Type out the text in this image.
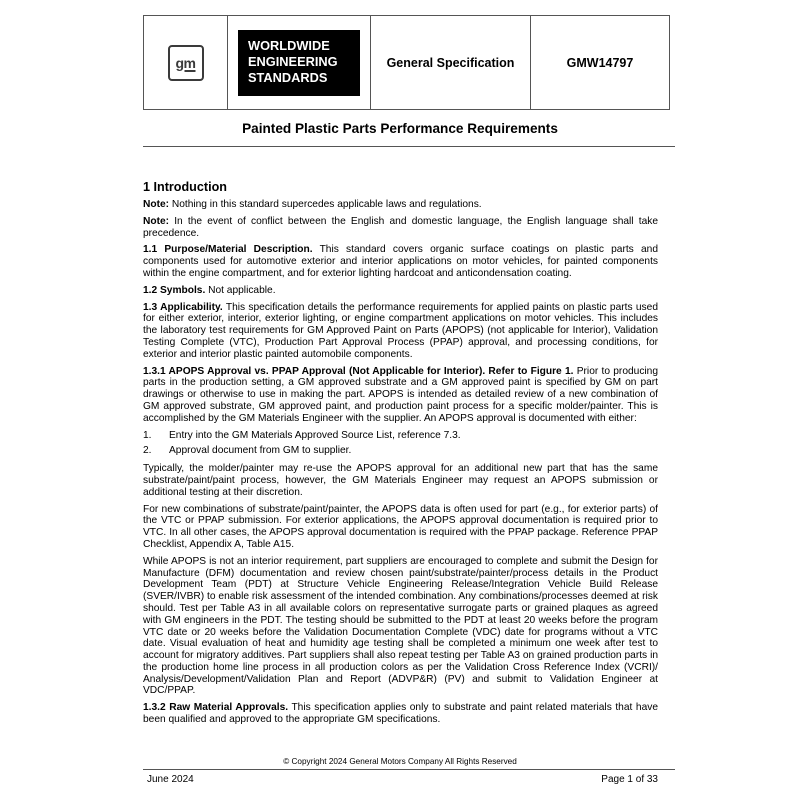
gm
WORLDWIDE
ENGINEERING
STANDARDS
General Specification	GMW14797
Painted Plastic Parts Performance Requirements
1 Introduction

Note: Nothing in this standard supercedes applicable laws and regulations.

Note: In the event of conflict between the English and domestic language, the English language shall take precedence.

1.1 Purpose/Material Description. This standard covers organic surface coatings on plastic parts and components used for automotive exterior and interior applications on motor vehicles, for painted components within the engine compartment, and for exterior lighting hardcoat and anticondensation coating.

1.2 Symbols. Not applicable.

1.3 Applicability. This specification details the performance requirements for applied paints on plastic parts used for either exterior, interior, exterior lighting, or engine compartment applications on motor vehicles. This includes the laboratory test requirements for GM Approved Paint on Parts (APOPS) (not applicable for Interior), Validation Testing Complete (VTC), Production Part Approval Process (PPAP) approval, and processing conditions, for exterior and interior plastic painted automobile components.

1.3.1 APOPS Approval vs. PPAP Approval (Not Applicable for Interior). Refer to Figure 1. Prior to producing parts in the production setting, a GM approved substrate and a GM approved paint is specified by GM on part drawings or otherwise to use in making the part. APOPS is intended as detailed review of a new combination of GM approved substrate, GM approved paint, and production paint process for a specific molder/painter. This is accomplished by the GM Materials Engineer with the supplier. An APOPS approval is documented with either:

1. Entry into the GM Materials Approved Source List, reference 7.3.
2. Approval document from GM to supplier.

Typically, the molder/painter may re-use the APOPS approval for an additional new part that has the same substrate/paint/paint process, however, the GM Materials Engineer may request an APOPS submission or additional testing at their discretion.

For new combinations of substrate/paint/painter, the APOPS data is often used for part (e.g., for exterior parts) of the VTC or PPAP submission. For exterior applications, the APOPS approval documentation is required prior to VTC. In all other cases, the APOPS approval documentation is required with the PPAP package. Reference PPAP Checklist, Appendix A, Table A15.

While APOPS is not an interior requirement, part suppliers are encouraged to complete and submit the Design for Manufacture (DFM) documentation and review chosen paint/substrate/painter/process details in the Product Development Team (PDT) at Structure Vehicle Engineering Release/Integration Vehicle Build Release (SVER/IVBR) to enable risk assessment of the intended combination. Any combinations/processes deemed at risk should. Test per Table A3 in all available colors on representative surrogate parts or grained plaques as agreed with GM engineers in the PDT. The testing should be submitted to the PDT at least 20 weeks before the program VTC date or 20 weeks before the Validation Documentation Complete (VDC) date for programs without a VTC date. Visual evaluation of heat and humidity age testing shall be completed a minimum one week after test to account for migratory additives. Part suppliers shall also repeat testing per Table A3 on grained production parts in the production home line process in all production colors as per the Validation Cross Reference Index (VCRI)/ Analysis/Development/Validation Plan and Report (ADVP&R) (PV) and submit to Validation Engineer at VDC/PPAP.

1.3.2 Raw Material Approvals. This specification applies only to substrate and paint related materials that have been qualified and approved to the appropriate GM specifications.

© Copyright 2024 General Motors Company All Rights Reserved
June 2024	Page 1 of 33
